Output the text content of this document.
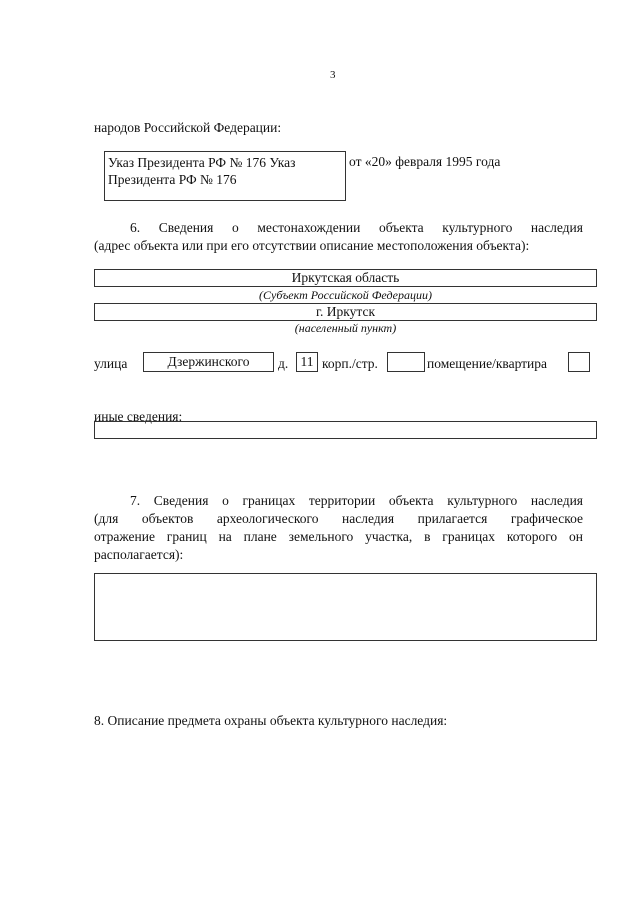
3
народов Российской Федерации:
Указ Президента РФ № 176 Указ
Президента РФ № 176
от «20» февраля 1995 года
6. Сведения о местонахождении объекта культурного наследия
(адрес объекта или при его отсутствии описание местоположения объекта):
Иркутская область
(Субъект Российской Федерации)
г. Иркутск
(населенный пункт)
улица	Дзержинского	д. 11 корп./стр.	помещение/квартира
иные сведения:
7. Сведения о границах территории объекта культурного наследия
(для объектов археологического наследия прилагается графическое
отражение границ на плане земельного участка, в границах которого он
располагается):
8. Описание предмета охраны объекта культурного наследия:
